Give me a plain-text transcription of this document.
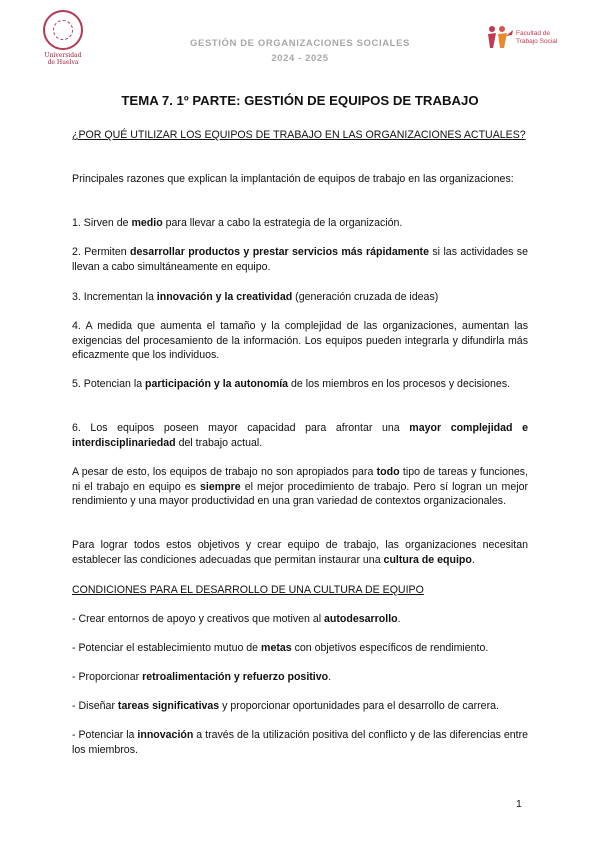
Universidad de Huelva
GESTIÓN DE ORGANIZACIONES SOCIALES
2024 - 2025
Facultad de
Trabajo Social
TEMA 7. 1º PARTE: GESTIÓN DE EQUIPOS DE TRABAJO
¿POR QUÉ UTILIZAR LOS EQUIPOS DE TRABAJO EN LAS ORGANIZACIONES ACTUALES?
Principales razones que explican la implantación de equipos de trabajo en las organizaciones:
1. Sirven de medio para llevar a cabo la estrategia de la organización.
2. Permiten desarrollar productos y prestar servicios más rápidamente si las actividades se llevan a cabo simultáneamente en equipo.
3. Incrementan la innovación y la creatividad (generación cruzada de ideas)
4. A medida que aumenta el tamaño y la complejidad de las organizaciones, aumentan las exigencias del procesamiento de la información. Los equipos pueden integrarla y difundirla más eficazmente que los individuos.
5. Potencian la participación y la autonomía de los miembros en los procesos y decisiones.
6. Los equipos poseen mayor capacidad para afrontar una mayor complejidad e interdisciplinariedad del trabajo actual.
A pesar de esto, los equipos de trabajo no son apropiados para todo tipo de tareas y funciones, ni el trabajo en equipo es siempre el mejor procedimiento de trabajo. Pero sí logran un mejor rendimiento y una mayor productividad en una gran variedad de contextos organizacionales.
Para lograr todos estos objetivos y crear equipo de trabajo, las organizaciones necesitan establecer las condiciones adecuadas que permitan instaurar una cultura de equipo.
CONDICIONES PARA EL DESARROLLO DE UNA CULTURA DE EQUIPO
- Crear entornos de apoyo y creativos que motiven al autodesarrollo.
- Potenciar el establecimiento mutuo de metas con objetivos específicos de rendimiento.
- Proporcionar retroalimentación y refuerzo positivo.
- Diseñar tareas significativas y proporcionar oportunidades para el desarrollo de carrera.
- Potenciar la innovación a través de la utilización positiva del conflicto y de las diferencias entre los miembros.
1
